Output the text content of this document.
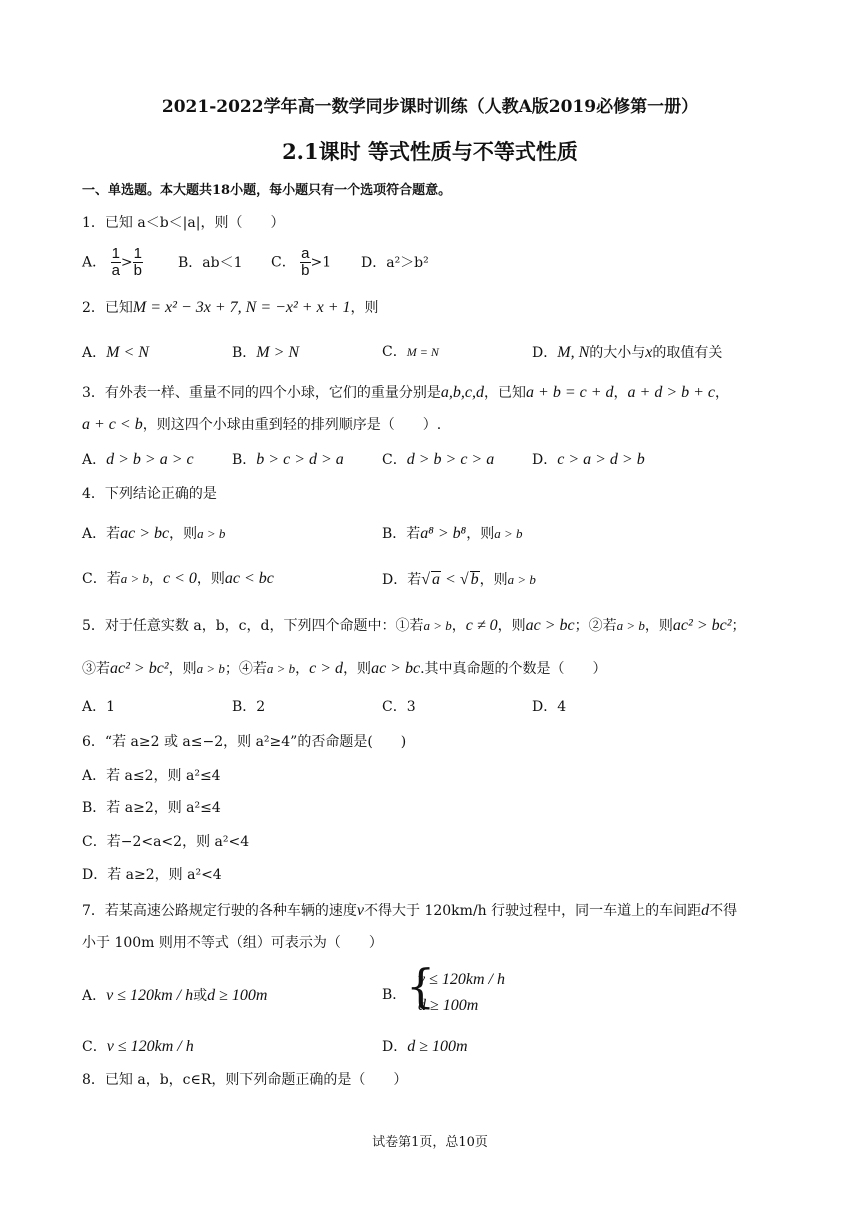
2021-2022学年高一数学同步课时训练（人教A版2019必修第一册）
2.1课时 等式性质与不等式性质
一、单选题。本大题共18小题，每小题只有一个选项符合题意。
1．已知 a＜b＜|a|，则（　　）
A． $\frac{1}{a} > \frac{1}{b}$	B．ab＜1 C． $\frac{a}{b} >1$ D．a²＞b²
2．已知M = x² − 3x + 7, N = −x² + x + 1，则
A．M < N	B．M > N	C．M = N	D．M, N的大小与x的取值有关
3．有外表一样、重量不同的四个小球，它们的重量分别是a,b,c,d，已知a + b = c + d，a + d > b + c，
a + c < b，则这四个小球由重到轻的排列顺序是（　　）.
A．d > b > a > c	B．b > c > d > a	C．d > b > c > a	D．c > a > d > b
4．下列结论正确的是
A．若ac > bc，则a > b	B．若a⁸ > b⁸，则a > b
C．若a > b，c < 0，则ac < bc	D．若√ a < √ b，则a > b
5．对于任意实数 a，b，c，d，下列四个命题中：①若a > b，c ≠ 0，则ac > bc；②若a > b，则ac² > bc²；
③若ac² > bc²，则a > b；④若a > b，c > d，则ac > bc.其中真命题的个数是（　　）
A．1	B．2	C．3	D．4
6．“若 a≥2 或 a≤−2，则 a²≥4”的否命题是(　　)
A．若 a≤2，则 a²≤4
B．若 a≥2，则 a²≤4
C．若−2<a<2，则 a²<4
D．若 a≥2，则 a²<4
7．若某高速公路规定行驶的各种车辆的速度v不得大于 120km/h 行驶过程中，同一车道上的车间距d不得
小于 100m 则用不等式（组）可表示为（　　）
A．v ≤ 120km / h或d ≥ 100m	B． {
v ≤ 120km / h
d ≥ 100m
C．v ≤ 120km / h	D．d ≥ 100m
8．已知 a，b，c∈R，则下列命题正确的是（　　）
试卷第1页，总10页
